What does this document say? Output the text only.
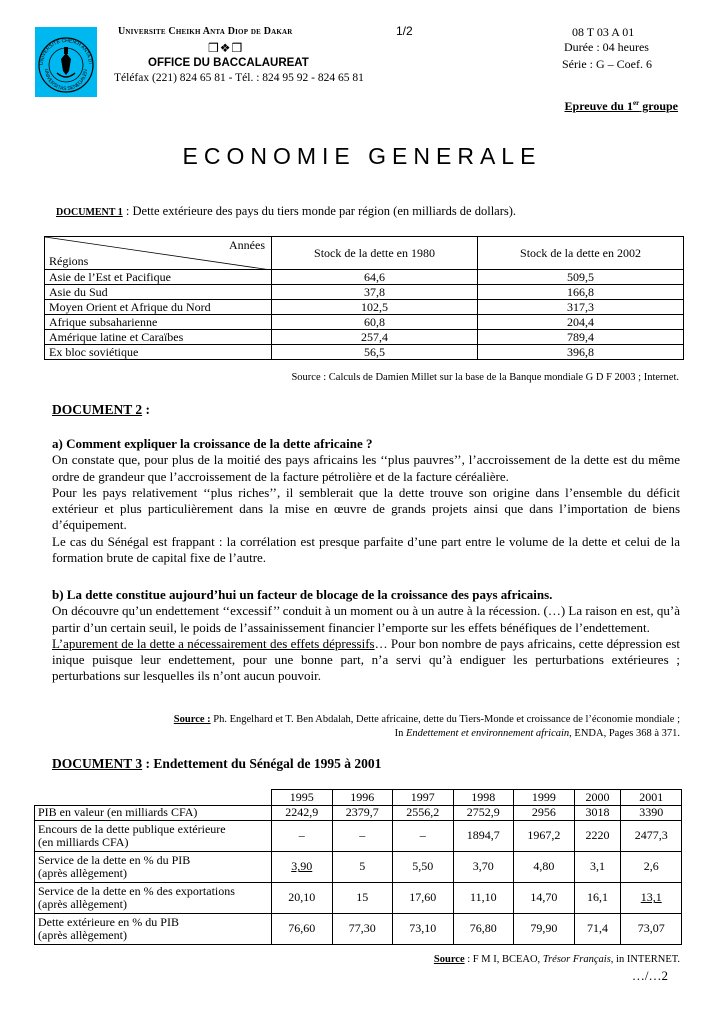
UNIVERSITE CHEIKH ANTA DI
UNIVERSITAS SENEGALEN
Universite Cheikh Anta Diop de Dakar	1/2	08 T 03 A 01
❒❖❒
OFFICE DU BACCALAUREAT
Téléfax (221) 824 65 81 - Tél. : 824 95 92 - 824 65 81
Durée : 04 heures
Série : G – Coef. 6
Epreuve du 1er groupe
ECONOMIE GENERALE
DOCUMENT 1 : Dette extérieure des pays du tiers monde par région (en milliards de dollars).
Années
Régions	Stock de la dette en 1980	Stock de la dette en 2002
Asie de l’Est et Pacifique	64,6	509,5
Asie du Sud	37,8	166,8
Moyen Orient et Afrique du Nord	102,5	317,3
Afrique subsaharienne	60,8	204,4
Amérique latine et Caraïbes	257,4	789,4
Ex bloc soviétique	56,5	396,8
Source : Calculs de Damien Millet sur la base de la Banque mondiale G D F 2003 ; Internet.
DOCUMENT 2 :

a) Comment expliquer la croissance de la dette africaine ?

On constate que, pour plus de la moitié des pays africains les ‘‘plus pauvres’’, l’accroissement de la dette est du même ordre de grandeur que l’accroissement de la facture pétrolière et de la facture céréalière.

Pour les pays relativement ‘‘plus riches’’, il semblerait que la dette trouve son origine dans l’ensemble du déficit extérieur et plus particulièrement dans la mise en œuvre de grands projets ainsi que dans l’importation de biens d’équipement.

Le cas du Sénégal est frappant : la corrélation est presque parfaite d’une part entre le volume de la dette et celui de la formation brute de capital fixe de l’autre.

b) La dette constitue aujourd’hui un facteur de blocage de la croissance des pays africains.

On découvre qu’un endettement ‘‘excessif’’ conduit à un moment ou à un autre à la récession. (…) La raison en est, qu’à partir d’un certain seuil, le poids de l’assainissement financier l’emporte sur les effets bénéfiques de l’endettement.

L’apurement de la dette a nécessairement des effets dépressifs… Pour bon nombre de pays africains, cette dépression est inique puisque leur endettement, pour une bonne part, n’a servi qu’à endiguer les perturbations extérieures ; perturbations sur lesquelles ils n’ont aucun pouvoir.

Source : Ph. Engelhard et T. Ben Abdalah, Dette africaine, dette du Tiers-Monde et croissance de l’économie mondiale ;
In Endettement et environnement africain, ENDA, Pages 368 à 371.
DOCUMENT 3 : Endettement du Sénégal de 1995 à 2001
	1995	1996	1997	1998	1999	2000	2001

PIB en valeur (en milliards CFA)	2242,9	2379,7	2556,2	2752,9	2956	3018	3390

Encours de la dette publique extérieure
(en milliards CFA)	–	–	–	1894,7	1967,2	2220	2477,3

Service de la dette en % du PIB
(après allègement)	3,90	5	5,50	3,70	4,80	3,1	2,6

Service de la dette en % des exportations
(après allègement)	20,10	15	17,60	11,10	14,70	16,1	13,1

Dette extérieure en % du PIB
(après allègement)	76,60	77,30	73,10	76,80	79,90	71,4	73,07
Source : F M I, BCEAO, Trésor Français, in INTERNET.
…/…2
